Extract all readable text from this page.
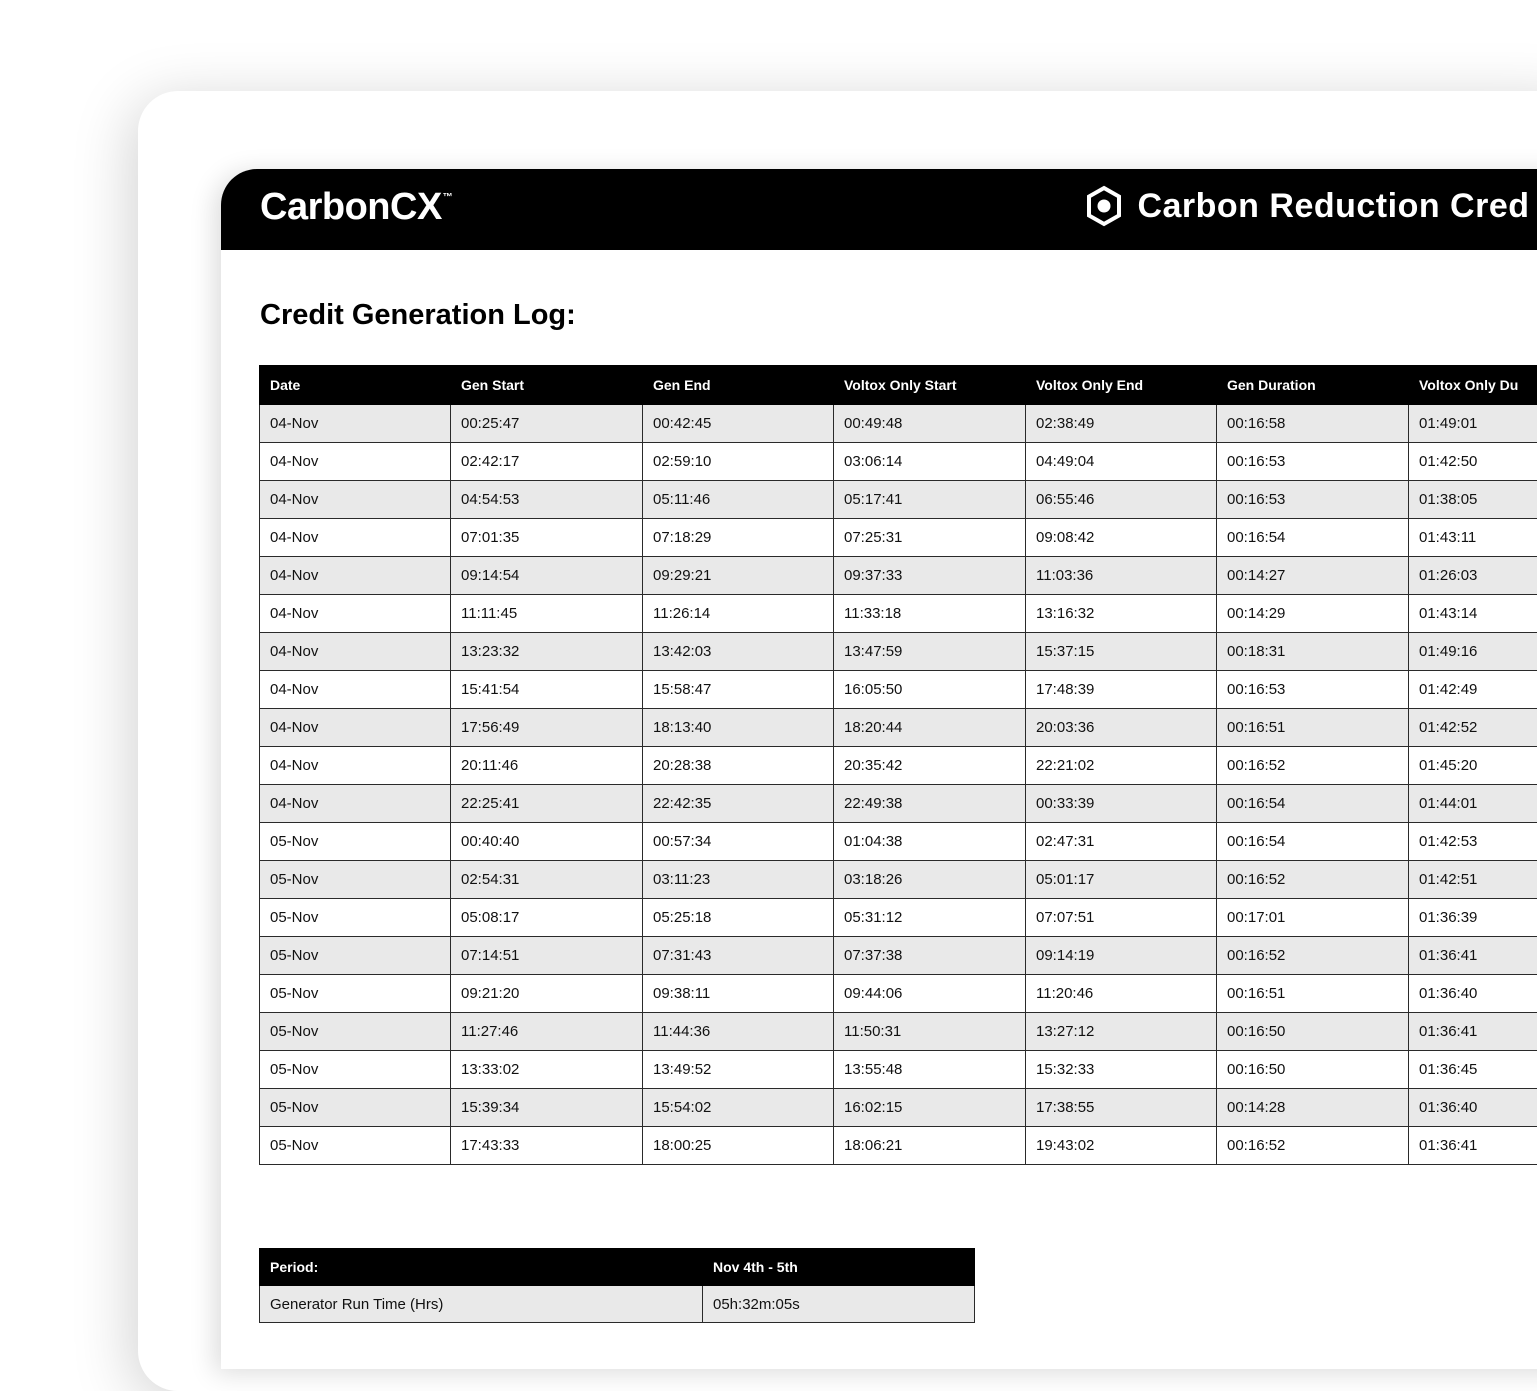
CarbonCX™	Carbon Reduction Cred
Credit Generation Log:
Date	Gen Start	Gen End	Voltox Only Start	Voltox Only End	Gen Duration	Voltox Only Du
04-Nov	00:25:47	00:42:45	00:49:48	02:38:49	00:16:58	01:49:01
04-Nov	02:42:17	02:59:10	03:06:14	04:49:04	00:16:53	01:42:50
04-Nov	04:54:53	05:11:46	05:17:41	06:55:46	00:16:53	01:38:05
04-Nov	07:01:35	07:18:29	07:25:31	09:08:42	00:16:54	01:43:11
04-Nov	09:14:54	09:29:21	09:37:33	11:03:36	00:14:27	01:26:03
04-Nov	11:11:45	11:26:14	11:33:18	13:16:32	00:14:29	01:43:14
04-Nov	13:23:32	13:42:03	13:47:59	15:37:15	00:18:31	01:49:16
04-Nov	15:41:54	15:58:47	16:05:50	17:48:39	00:16:53	01:42:49
04-Nov	17:56:49	18:13:40	18:20:44	20:03:36	00:16:51	01:42:52
04-Nov	20:11:46	20:28:38	20:35:42	22:21:02	00:16:52	01:45:20
04-Nov	22:25:41	22:42:35	22:49:38	00:33:39	00:16:54	01:44:01
05-Nov	00:40:40	00:57:34	01:04:38	02:47:31	00:16:54	01:42:53
05-Nov	02:54:31	03:11:23	03:18:26	05:01:17	00:16:52	01:42:51
05-Nov	05:08:17	05:25:18	05:31:12	07:07:51	00:17:01	01:36:39
05-Nov	07:14:51	07:31:43	07:37:38	09:14:19	00:16:52	01:36:41
05-Nov	09:21:20	09:38:11	09:44:06	11:20:46	00:16:51	01:36:40
05-Nov	11:27:46	11:44:36	11:50:31	13:27:12	00:16:50	01:36:41
05-Nov	13:33:02	13:49:52	13:55:48	15:32:33	00:16:50	01:36:45
05-Nov	15:39:34	15:54:02	16:02:15	17:38:55	00:14:28	01:36:40
05-Nov	17:43:33	18:00:25	18:06:21	19:43:02	00:16:52	01:36:41
Period:	Nov 4th - 5th
Generator Run Time (Hrs)	05h:32m:05s
